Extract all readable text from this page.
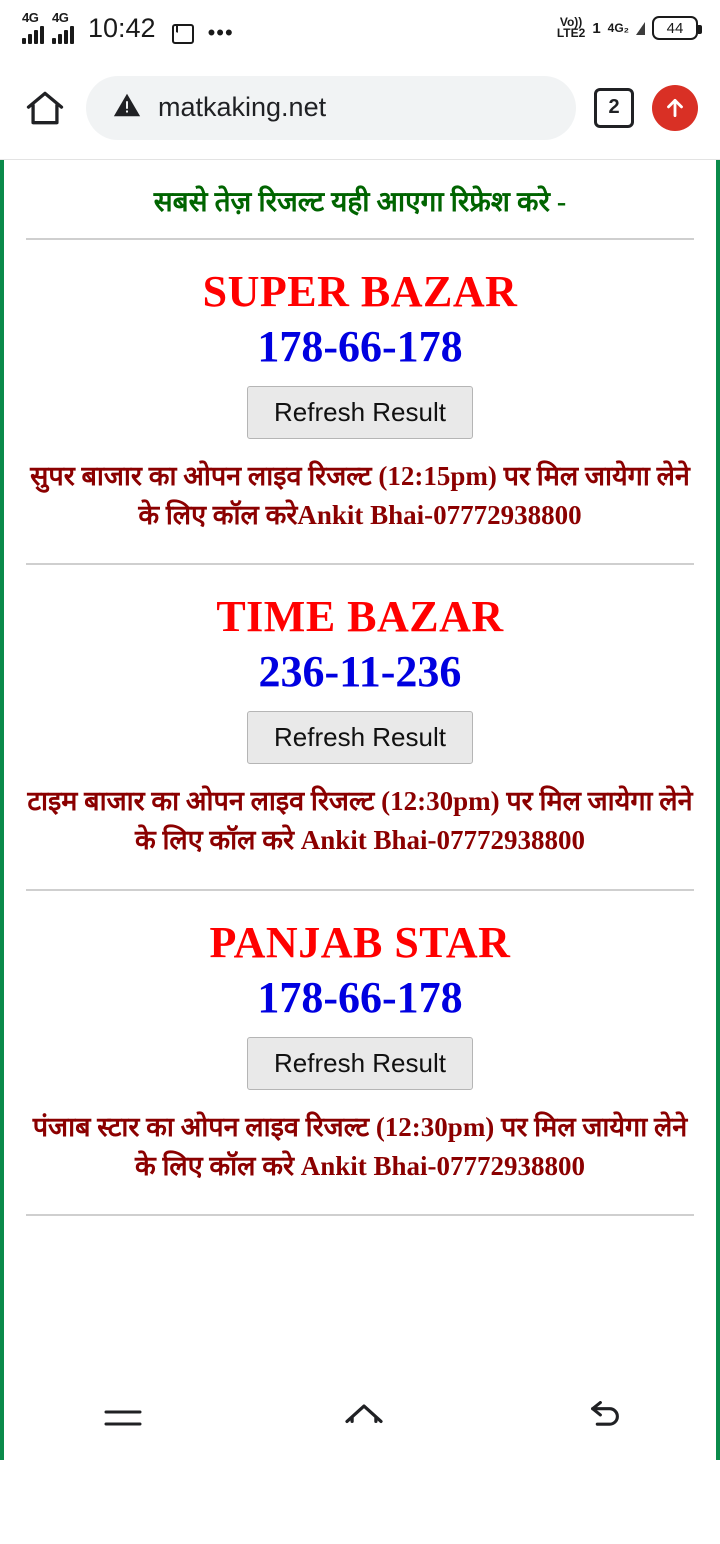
4G 4G 10:42 •••	Vo))
LTE2 1 4G₂	44
matkaking.net	2
सबसे तेज़ रिजल्ट यही आएगा रिफ्रेश करे -
SUPER BAZAR
178-66-178
Refresh Result
सुपर बाजार का ओपन लाइव रिजल्ट (12:15pm) पर मिल जायेगा लेने के लिए कॉल करेAnkit Bhai-07772938800
TIME BAZAR
236-11-236
Refresh Result
टाइम बाजार का ओपन लाइव रिजल्ट (12:30pm) पर मिल जायेगा लेने के लिए कॉल करे Ankit Bhai-07772938800
PANJAB STAR
178-66-178
Refresh Result
पंजाब स्टार का ओपन लाइव रिजल्ट (12:30pm) पर मिल जायेगा लेने के लिए कॉल करे Ankit Bhai-07772938800
